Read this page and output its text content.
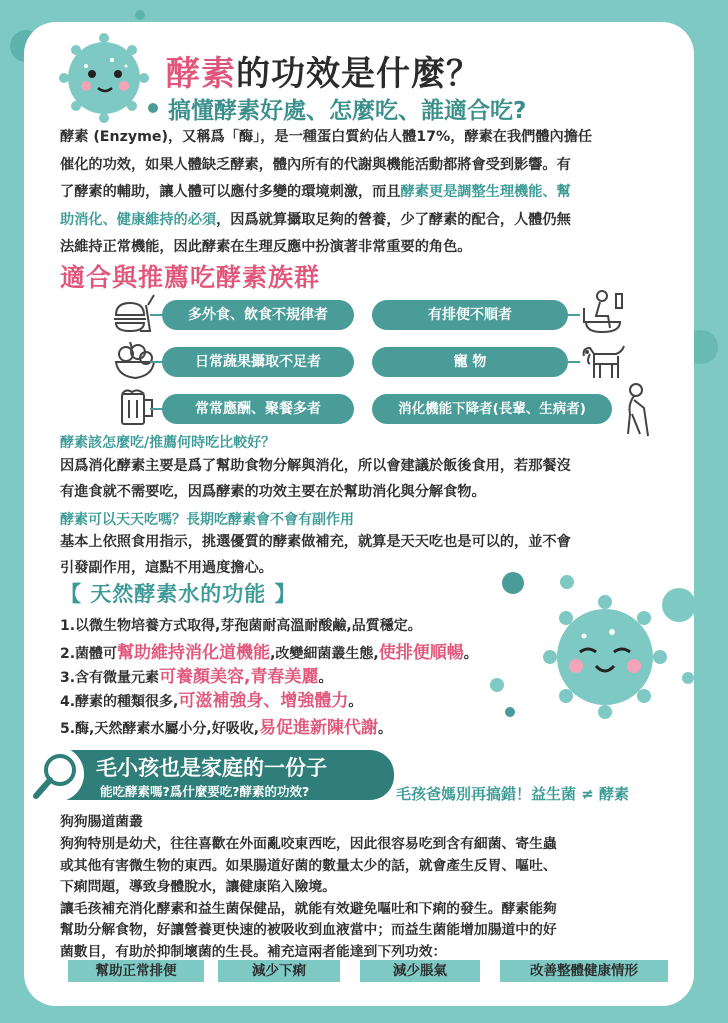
酵素的功效是什麼？
搞懂酵素好處、怎麼吃、誰適合吃?
酵素 (Enzyme)，又稱爲「酶」，是一種蛋白質約佔人體17%，酵素在我們體內擔任
催化的功效，如果人體缺乏酵素，體內所有的代謝與機能活動都將會受到影響。有
了酵素的輔助，讓人體可以應付多變的環境刺激，而且酵素更是調整生理機能、幫
助消化、健康維持的必須，因爲就算攝取足夠的營養，少了酵素的配合，人體仍無
法維持正常機能，因此酵素在生理反應中扮演著非常重要的角色。
適合與推薦吃酵素族群
多外食、飲食不規律者	有排便不順者
日常蔬果攝取不足者	寵 物
常常應酬、聚餐多者	消化機能下降者(長輩、生病者)
酵素該怎麼吃/推薦何時吃比較好？
因爲消化酵素主要是爲了幫助食物分解與消化，所以會建議於飯後食用，若那餐沒
有進食就不需要吃，因爲酵素的功效主要在於幫助消化與分解食物。
酵素可以天天吃嗎？長期吃酵素會不會有副作用
基本上依照食用指示，挑選優質的酵素做補充，就算是天天吃也是可以的，並不會
引發副作用，這點不用過度擔心。
【 天然酵素水的功能 】
1.以微生物培養方式取得,芽孢菌耐高溫耐酸鹼,品質穩定。
2.菌體可幫助維持消化道機能,改變細菌叢生態,使排便順暢。
3.含有微量元素可養顏美容,青春美麗。
4.酵素的種類很多,可滋補強身、增強體力。
5.酶,天然酵素水屬小分,好吸收,易促進新陳代謝。
毛小孩也是家庭的一份子
能吃酵素嗎?爲什麼要吃?酵素的功效?	毛孩爸媽別再搞錯！益生菌 ≠ 酵素
狗狗腸道菌叢
狗狗特別是幼犬，往往喜歡在外面亂咬東西吃，因此很容易吃到含有細菌、寄生蟲
或其他有害微生物的東西。如果腸道好菌的數量太少的話，就會產生反胃、嘔吐、
下痢問題，導致身體脫水，讓健康陷入險境。
讓毛孩補充消化酵素和益生菌保健品，就能有效避免嘔吐和下痢的發生。酵素能夠
幫助分解食物，好讓營養更快速的被吸收到血液當中；而益生菌能增加腸道中的好
菌數目，有助於抑制壞菌的生長。補充這兩者能達到下列功效：
幫助正常排便	減少下痢	減少脹氣	改善整體健康情形
